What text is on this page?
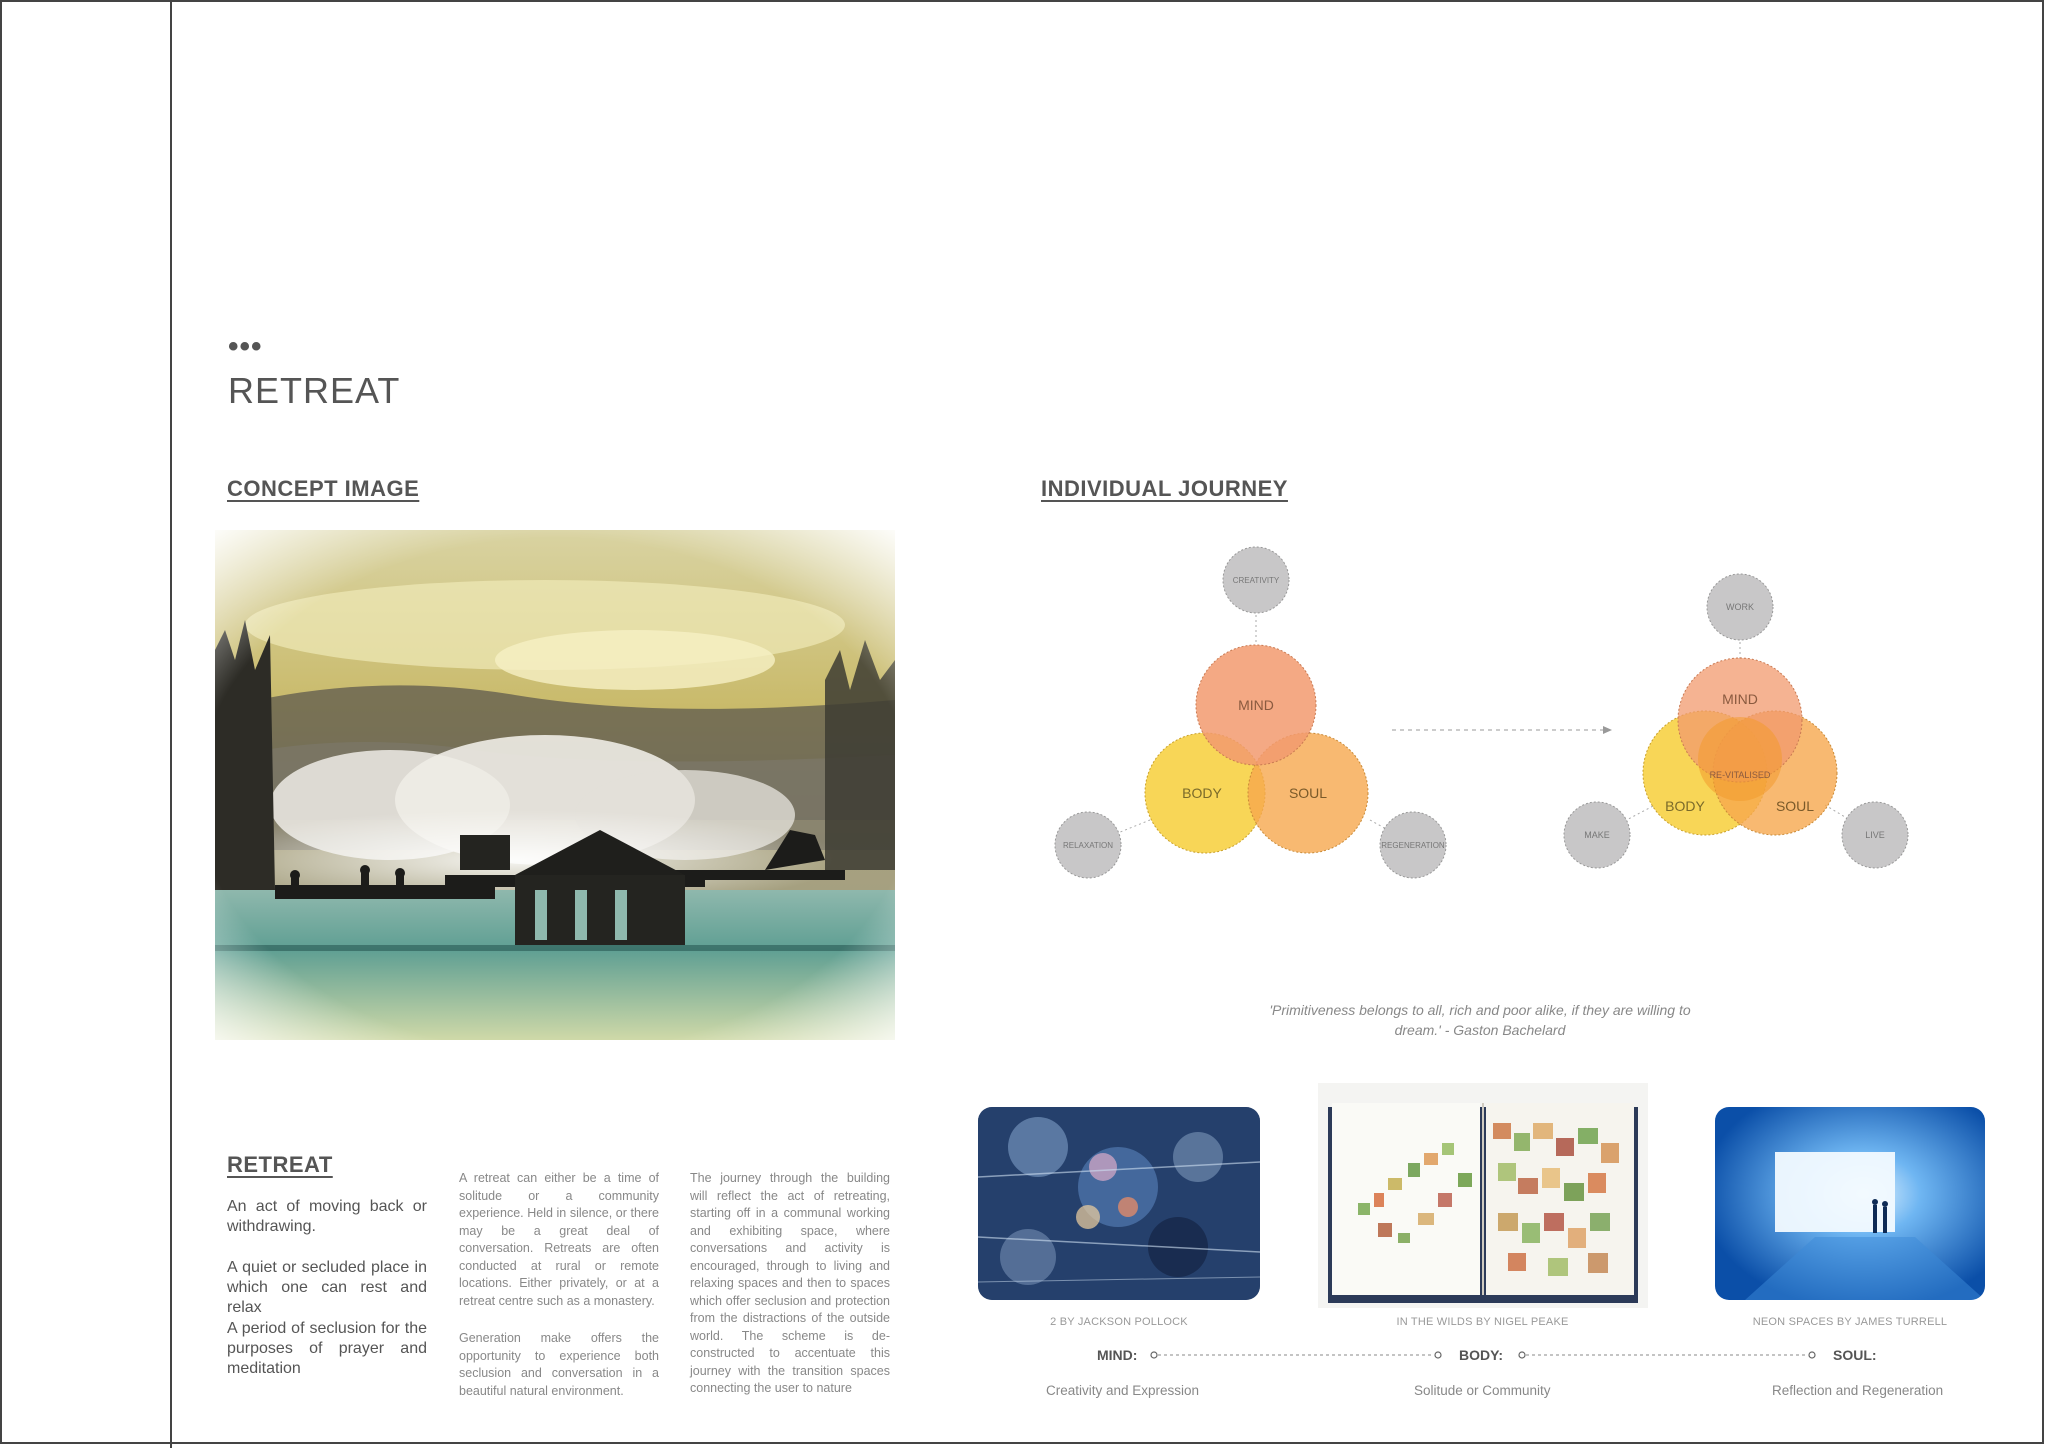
•••
RETREAT
CONCEPT IMAGE	INDIVIDUAL JOURNEY
MIND
BODY	SOUL
CREATIVITY
RELAXATION	REGENERATION
MIND
BODY	SOUL
RE-VITALISED
WORK
MAKE	LIVE
'Primitiveness belongs to all, rich and poor alike, if they are willing to dream.' - Gaston Bachelard
RETREAT
An act of moving back or withdrawing.
A quiet or secluded place in which one can rest and relax
A period of seclusion for the purposes of prayer and meditation
A retreat can either be a time of solitude or a community experience. Held in silence, or there may be a great deal of conversation. Retreats are often conducted at rural or remote locations. Either privately, or at a retreat centre such as a monastery.
Generation make offers the opportunity to experience both seclusion and conversation in a beautiful natural environment.
The journey through the building will reflect the act of retreating, starting off in a communal working and exhibiting space, where conversations and activity is encouraged, through to living and relaxing spaces and then to spaces which offer seclusion and protection from the distractions of the outside world. The scheme is de-constructed to accentuate this journey with the transition spaces connecting the user to nature
2 BY JACKSON POLLOCK	IN THE WILDS BY NIGEL PEAKE	NEON SPACES BY JAMES TURRELL
MIND:	BODY:	SOUL:
Creativity and Expression	Solitude or Community	Reflection and Regeneration
